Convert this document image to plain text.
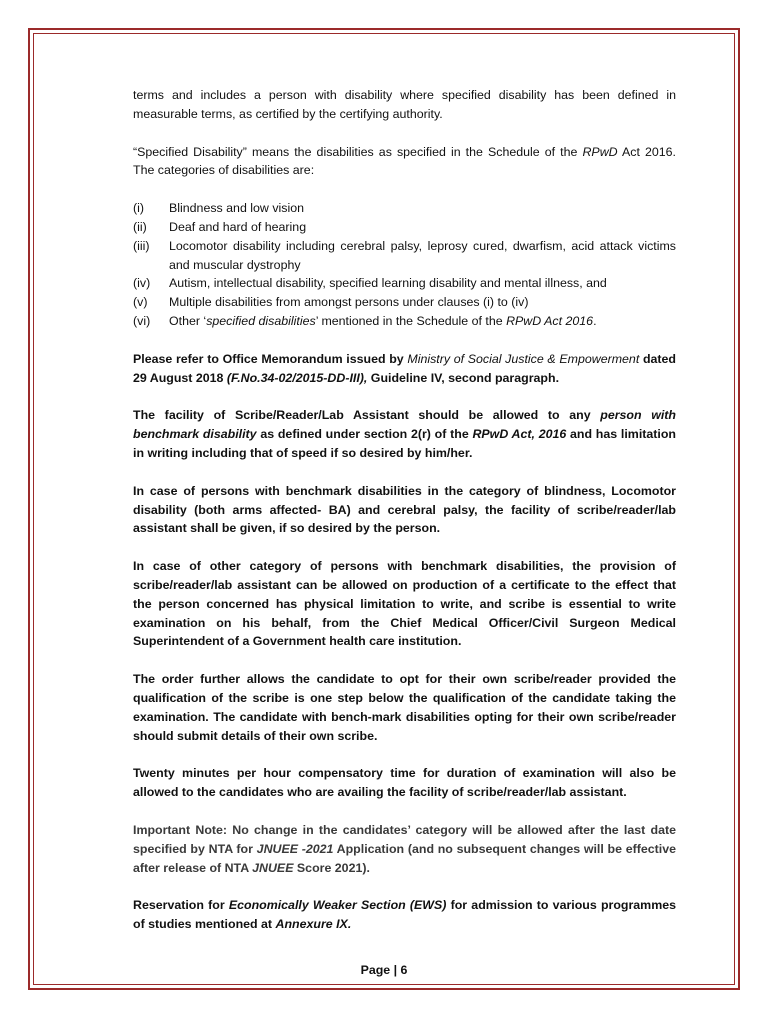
terms and includes a person with disability where specified disability has been defined in measurable terms, as certified by the certifying authority.

“Specified Disability” means the disabilities as specified in the Schedule of the RPwD Act 2016. The categories of disabilities are:

(i)	Blindness and low vision
(ii)	Deaf and hard of hearing
(iii)	Locomotor disability including cerebral palsy, leprosy cured, dwarfism, acid attack victims and muscular dystrophy
(iv)	Autism, intellectual disability, specified learning disability and mental illness, and
(v)	Multiple disabilities from amongst persons under clauses (i) to (iv)
(vi)	Other ‘specified disabilities’ mentioned in the Schedule of the RPwD Act 2016.

Please refer to Office Memorandum issued by Ministry of Social Justice & Empowerment dated 29 August 2018 (F.No.34-02/2015-DD-III), Guideline IV, second paragraph.

The facility of Scribe/Reader/Lab Assistant should be allowed to any person with benchmark disability as defined under section 2(r) of the RPwD Act, 2016 and has limitation in writing including that of speed if so desired by him/her.

In case of persons with benchmark disabilities in the category of blindness, Locomotor disability (both arms affected- BA) and cerebral palsy, the facility of scribe/reader/lab assistant shall be given, if so desired by the person.

In case of other category of persons with benchmark disabilities, the provision of scribe/reader/lab assistant can be allowed on production of a certificate to the effect that the person concerned has physical limitation to write, and scribe is essential to write examination on his behalf, from the Chief Medical Officer/Civil Surgeon Medical Superintendent of a Government health care institution.

The order further allows the candidate to opt for their own scribe/reader provided the qualification of the scribe is one step below the qualification of the candidate taking the examination. The candidate with bench-mark disabilities opting for their own scribe/reader should submit details of their own scribe.

Twenty minutes per hour compensatory time for duration of examination will also be allowed to the candidates who are availing the facility of scribe/reader/lab assistant.

Important Note: No change in the candidates’ category will be allowed after the last date specified by NTA for JNUEE -2021 Application (and no subsequent changes will be effective after release of NTA JNUEE Score 2021).

Reservation for Economically Weaker Section (EWS) for admission to various programmes of studies mentioned at Annexure IX.

Page | 6
